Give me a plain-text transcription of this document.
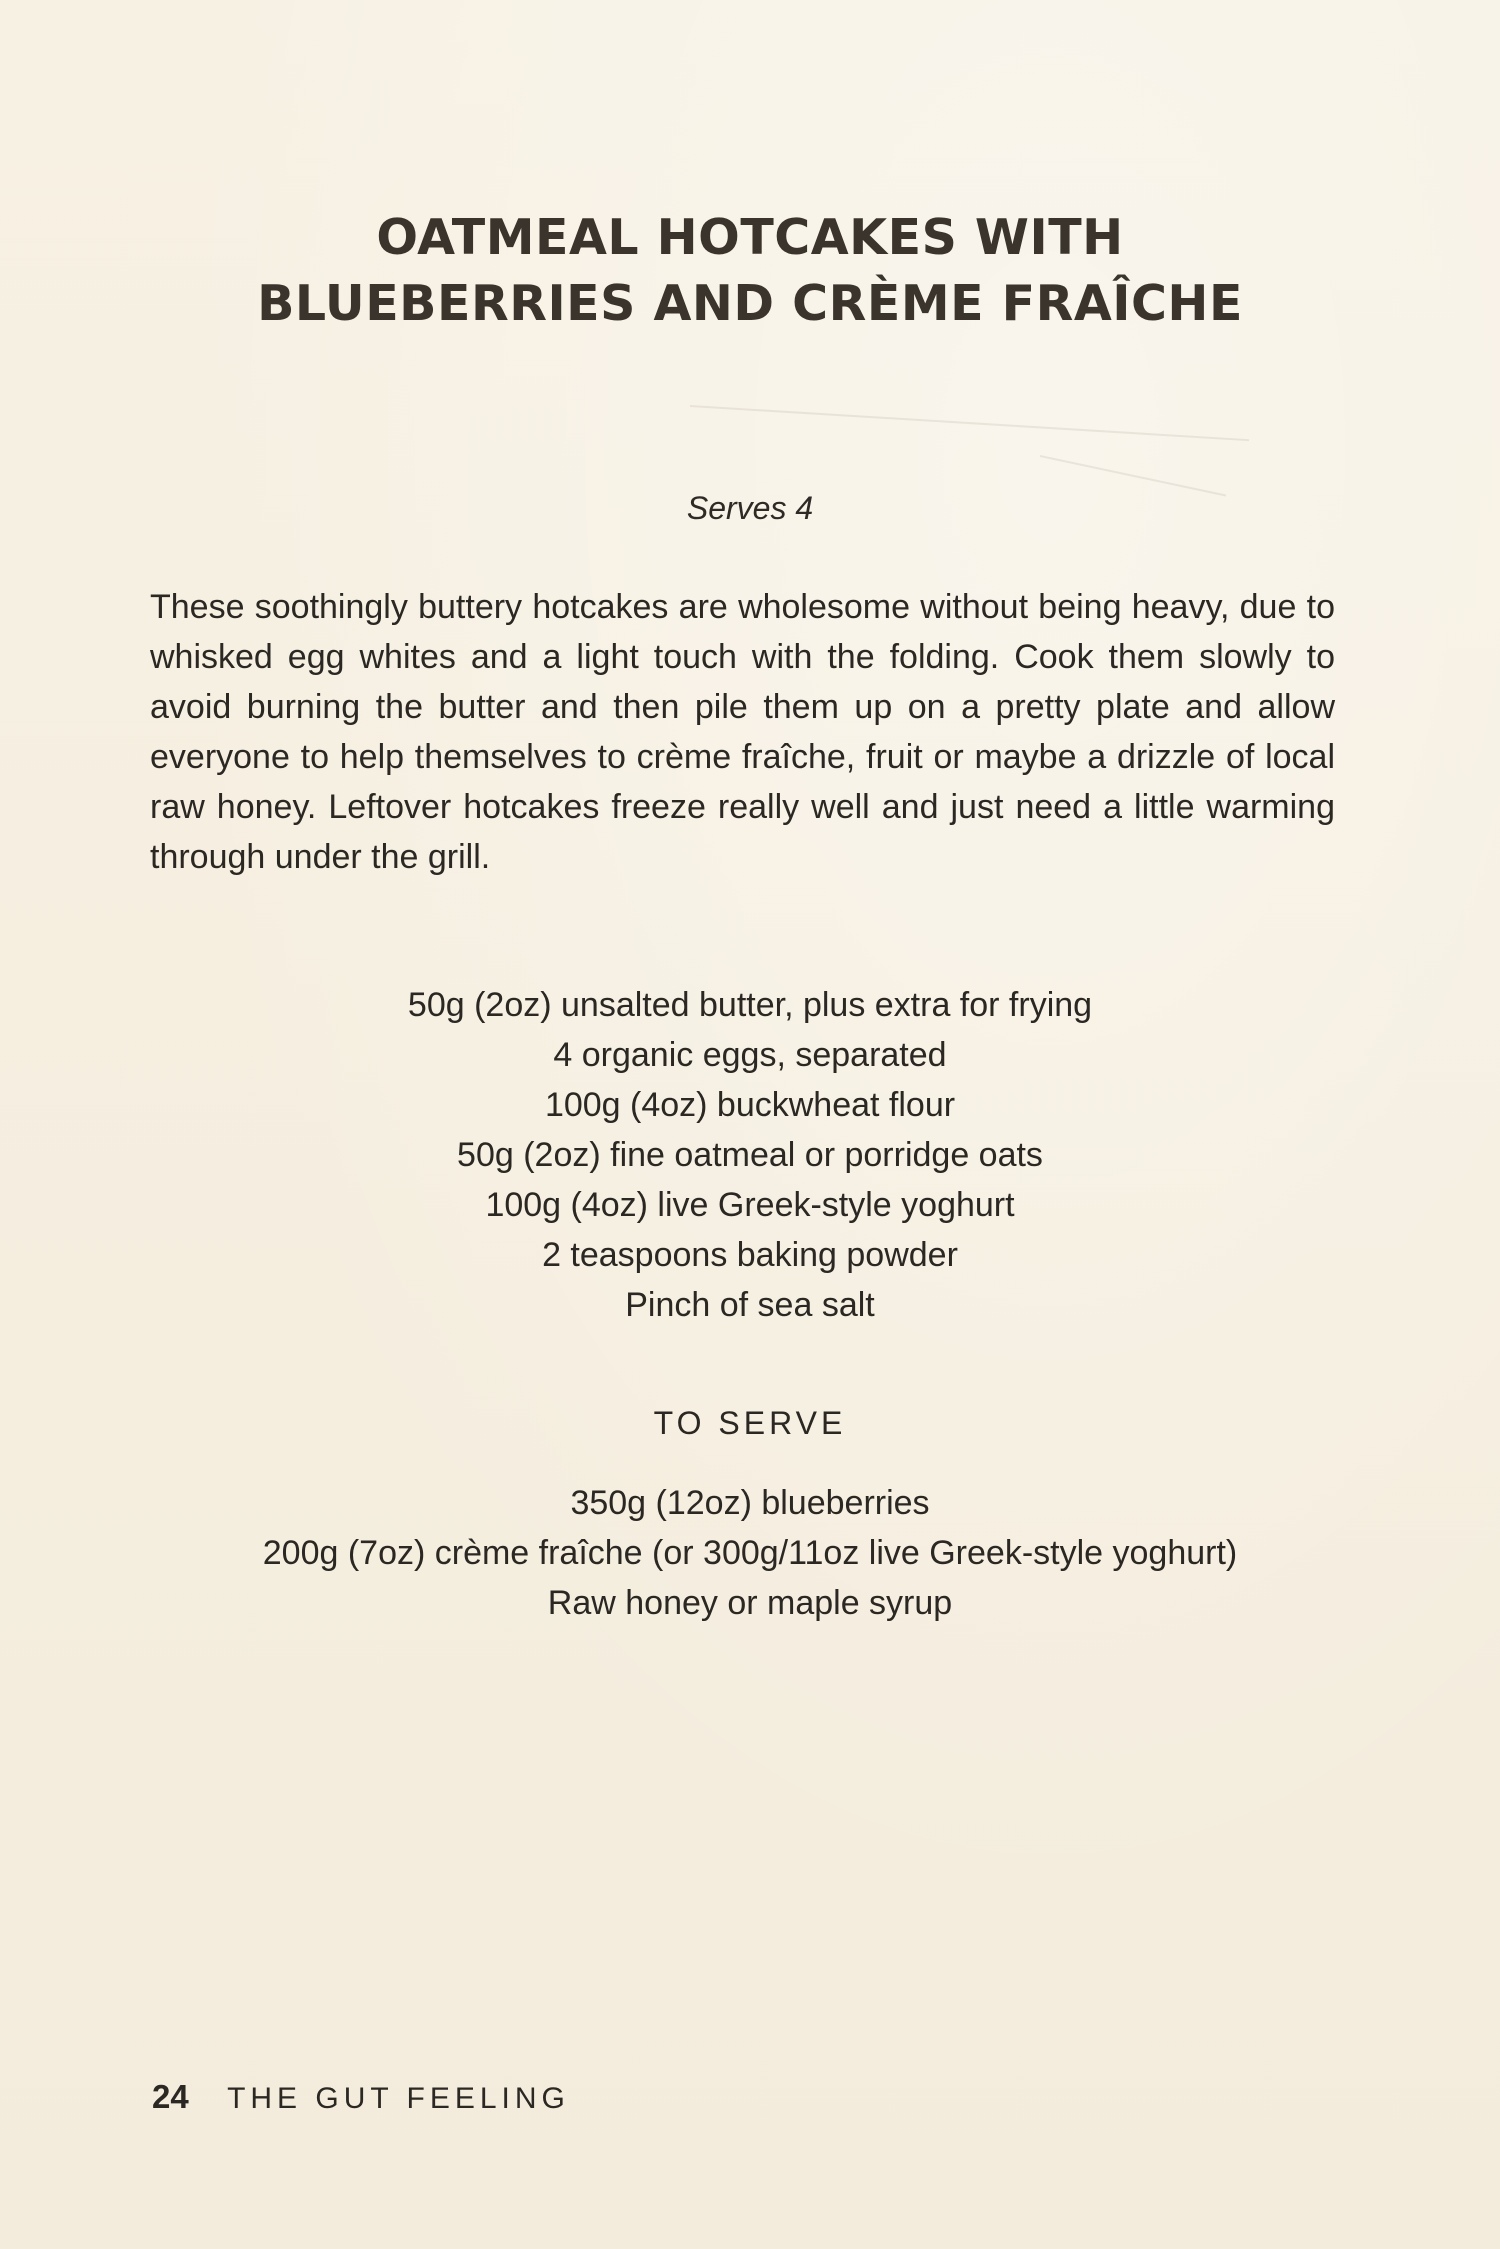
OATMEAL HOTCAKES WITH
BLUEBERRIES AND CRÈME FRAÎCHE
Serves 4

These soothingly buttery hotcakes are wholesome without being heavy, due to whisked egg whites and a light touch with the folding. Cook them slowly to avoid burning the butter and then pile them up on a pretty plate and allow everyone to help themselves to crème fraîche, fruit or maybe a drizzle of local raw honey. Leftover hotcakes freeze really well and just need a little warming through under the grill.

50g (2oz) unsalted butter, plus extra for frying
4 organic eggs, separated
100g (4oz) buckwheat flour
50g (2oz) fine oatmeal or porridge oats
100g (4oz) live Greek-style yoghurt
2 teaspoons baking powder
Pinch of sea salt
TO SERVE
350g (12oz) blueberries
200g (7oz) crème fraîche (or 300g/11oz live Greek-style yoghurt)
Raw honey or maple syrup
24 THE GUT FEELING
